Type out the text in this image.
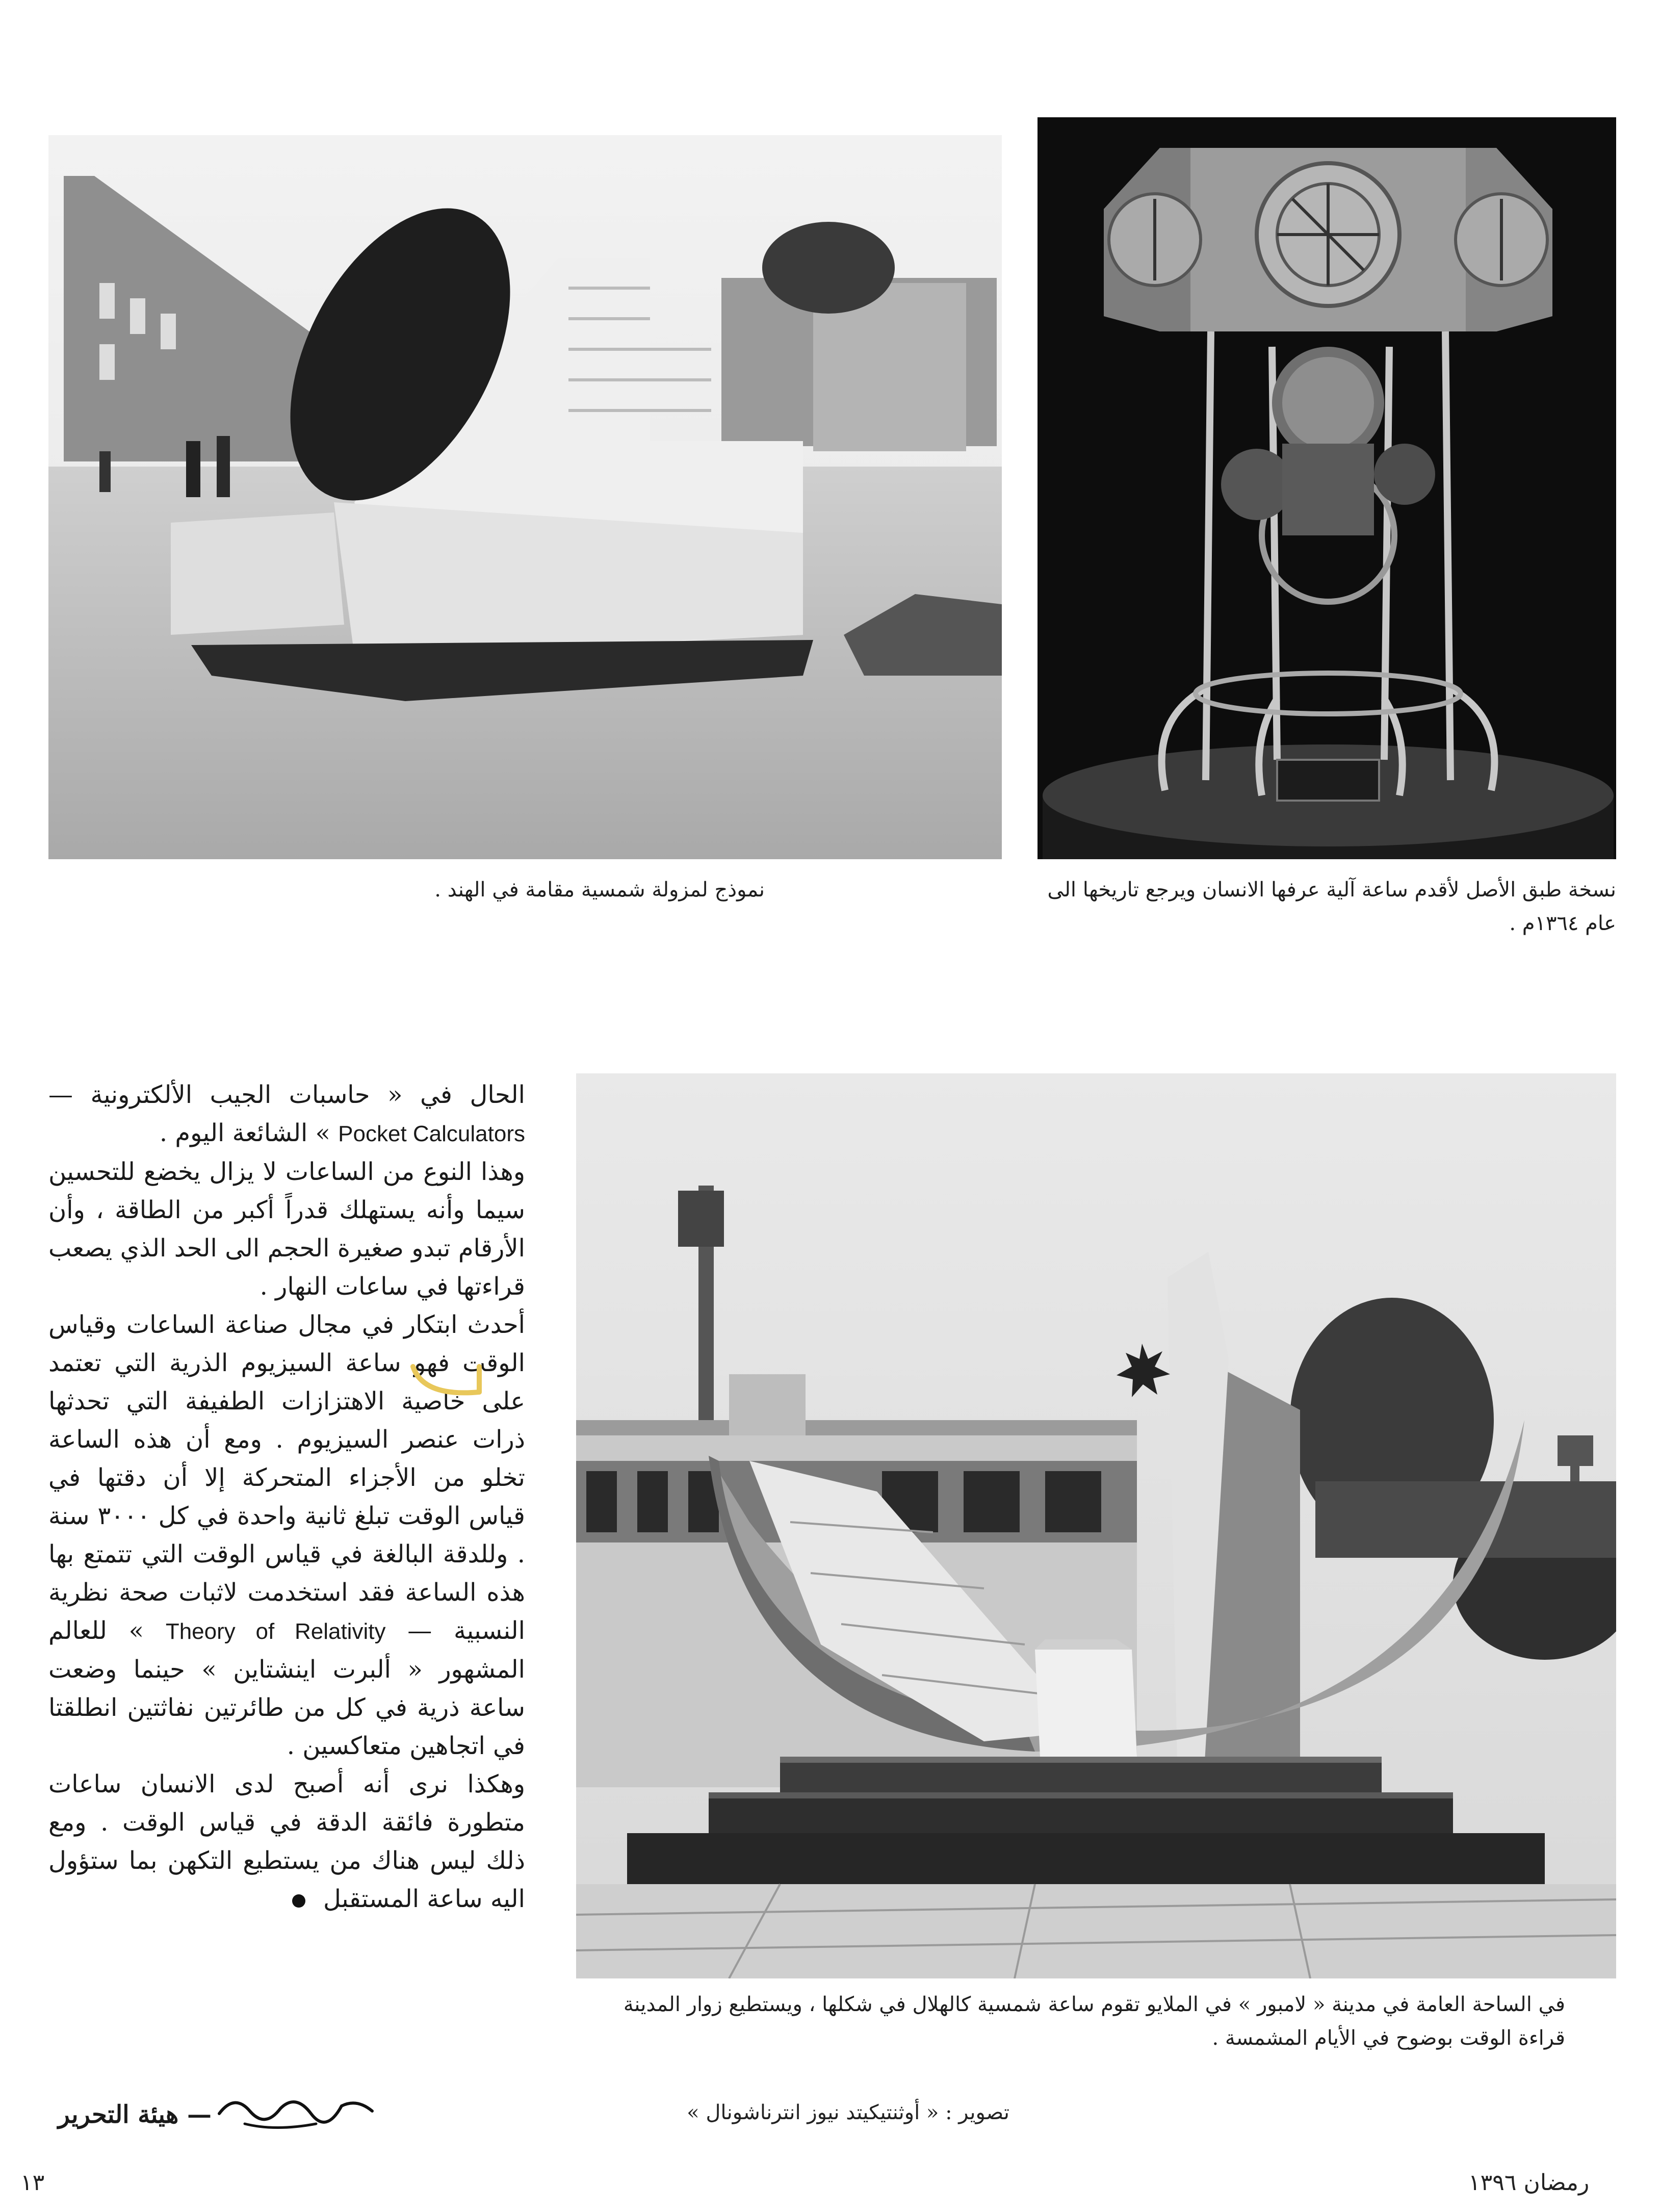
نسخة طبق الأصل لأقدم ساعة آلية عرفها الانسان ويرجع تاريخها الى عام ١٣٦٤م .
نموذج لمزولة شمسية مقامة في الهند .
في الساحة العامة في مدينة « لامبور » في الملايو تقوم ساعة شمسية كالهلال في شكلها ، ويستطيع زوار المدينة قراءة الوقت بوضوح في الأيام المشمسة .
تصوير : « أوثنتيكيتد نيوز انترناشونال »

الحال في « حاسبات الجيب الألكترونية — Pocket Calculators » الشائعة اليوم .

وهذا النوع من الساعات لا يزال يخضع للتحسين سيما وأنه يستهلك قدراً أكبر من الطاقة ، وأن الأرقام تبدو صغيرة الحجم الى الحد الذي يصعب قراءتها في ساعات النهار .

أحدث ابتكار في مجال صناعة الساعات وقياس الوقت فهو ساعة السيزيوم الذرية التي تعتمد على خاصية الاهتزازات الطفيفة التي تحدثها ذرات عنصر السيزيوم . ومع أن هذه الساعة تخلو من الأجزاء المتحركة إلا أن دقتها في قياس الوقت تبلغ ثانية واحدة في كل ٣٠٠٠ سنة . وللدقة البالغة في قياس الوقت التي تتمتع بها هذه الساعة فقد استخدمت لاثبات صحة نظرية النسبية — Theory of Relativity » للعالم المشهور « ألبرت اينشتاين » حينما وضعت ساعة ذرية في كل من طائرتين نفاثتين انطلقتا في اتجاهين متعاكسين .

وهكذا نرى أنه أصبح لدى الانسان ساعات متطورة فائقة الدقة في قياس الوقت . ومع ذلك ليس هناك من يستطيع التكهن بما ستؤول اليه ساعة المستقبل

— هيئة التحرير
١٣	رمضان ١٣٩٦
